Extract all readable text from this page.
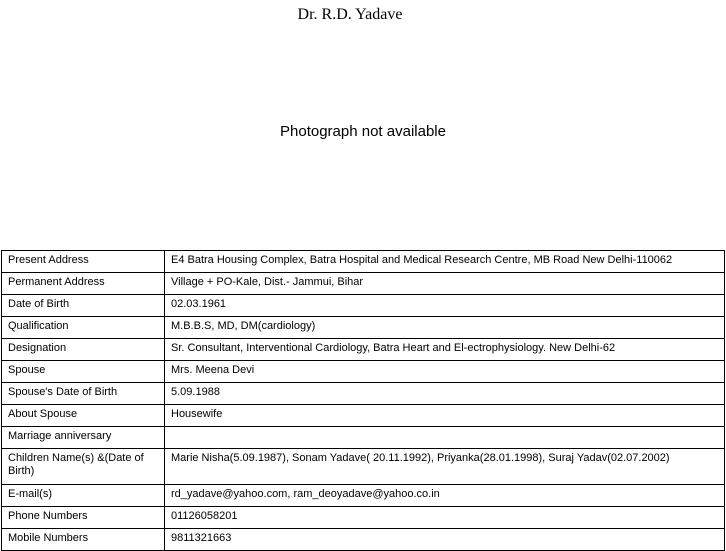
Dr. R.D. Yadave
Photograph not available
Present Address	E4 Batra Housing Complex, Batra Hospital and Medical Research Centre, MB Road New Delhi-110062
Permanent Address	Village + PO-Kale, Dist.- Jammui, Bihar
Date of Birth	02.03.1961
Qualification	M.B.B.S, MD, DM(cardiology)
Designation	Sr. Consultant, Interventional Cardiology, Batra Heart and El-ectrophysiology. New Delhi-62
Spouse	Mrs. Meena Devi
Spouse's Date of Birth	5.09.1988
About Spouse	Housewife
Marriage anniversary	
Children Name(s) &(Date of Birth)	Marie Nisha(5.09.1987), Sonam Yadave( 20.11.1992), Priyanka(28.01.1998), Suraj Yadav(02.07.2002)
E-mail(s)	rd_yadave@yahoo.com, ram_deoyadave@yahoo.co.in
Phone Numbers	01126058201
Mobile Numbers	9811321663
